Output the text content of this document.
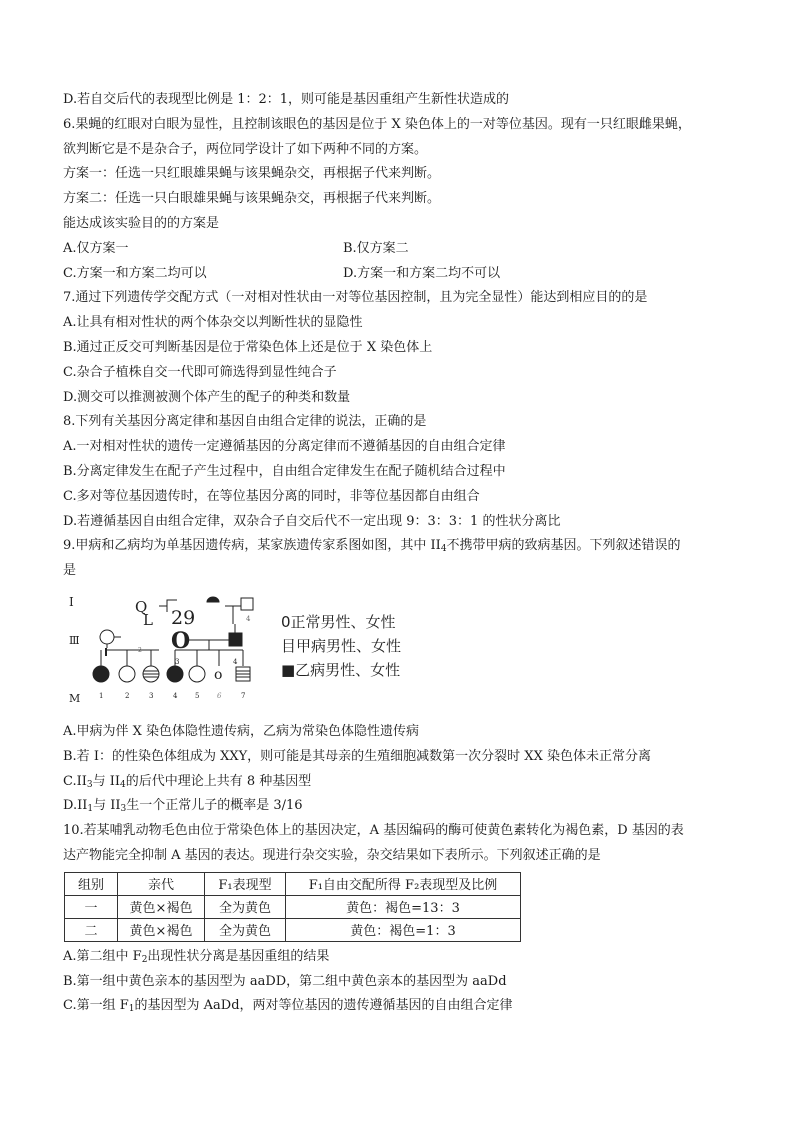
D.若自交后代的表现型比例是 1：2：1，则可能是基因重组产生新性状造成的
6.果蝇的红眼对白眼为显性，且控制该眼色的基因是位于 X 染色体上的一对等位基因。现有一只红眼雌果蝇，
欲判断它是不是杂合子，两位同学设计了如下两种不同的方案。
方案一：任选一只红眼雄果蝇与该果蝇杂交，再根据子代来判断。
方案二：任选一只白眼雄果蝇与该果蝇杂交，再根据子代来判断。
能达成该实验目的的方案是
A.仅方案一	B.仅方案二
C.方案一和方案二均可以	D.方案一和方案二均不可以
7.通过下列遗传学交配方式（一对相对性状由一对等位基因控制，且为完全显性）能达到相应目的的是
A.让具有相对性状的两个体杂交以判断性状的显隐性
B.通过正反交可判断基因是位于常染色体上还是位于 X 染色体上
C.杂合子植株自交一代即可筛选得到显性纯合子
D.测交可以推测被测个体产生的配子的种类和数量
8.下列有关基因分离定律和基因自由组合定律的说法，正确的是
A.一对相对性状的遗传一定遵循基因的分离定律而不遵循基因的自由组合定律
B.分离定律发生在配子产生过程中，自由组合定律发生在配子随机结合过程中
C.多对等位基因遗传时，在等位基因分离的同时，非等位基因都自由组合
D.若遵循基因自由组合定律，双杂合子自交后代不一定出现 9：3：3：1 的性状分离比
9.甲病和乙病均为单基因遗传病，某家族遗传家系图如图，其中 $II_4$不携带甲病的致病基因。下列叙述错误的
是
I
Ⅲ
M
Q
L 29	4
2 O
3	4
o
1	2	3	4	5	6	7
1
0正常男性、女性
目甲病男性、女性
■乙病男性、女性
A.甲病为伴 X 染色体隐性遗传病，乙病为常染色体隐性遗传病
B.若 I：的性染色体组成为 XXY，则可能是其母亲的生殖细胞减数第一次分裂时 XX 染色体未正常分离
$C.II_3$与 $II_4$的后代中理论上共有 8 种基因型
$D.II_1$与 $II_3$生一个正常儿子的概率是 3/16
10.若某哺乳动物毛色由位于常染色体上的基因决定，A 基因编码的酶可使黄色素转化为褐色素，D 基因的表
达产物能完全抑制 A 基因的表达。现进行杂交实验，杂交结果如下表所示。下列叙述正确的是
组别	亲代	F₁表现型	F₁自由交配所得 F₂表现型及比例
一	黄色×褐色	全为黄色	黄色：褐色=13：3
二	黄色×褐色	全为黄色	黄色：褐色=1：3
A.第二组中 $F_2$出现性状分离是基因重组的结果
B.第一组中黄色亲本的基因型为 aaDD，第二组中黄色亲本的基因型为 aaDd
C.第一组 $F_1$的基因型为 AaDd，两对等位基因的遗传遵循基因的自由组合定律
